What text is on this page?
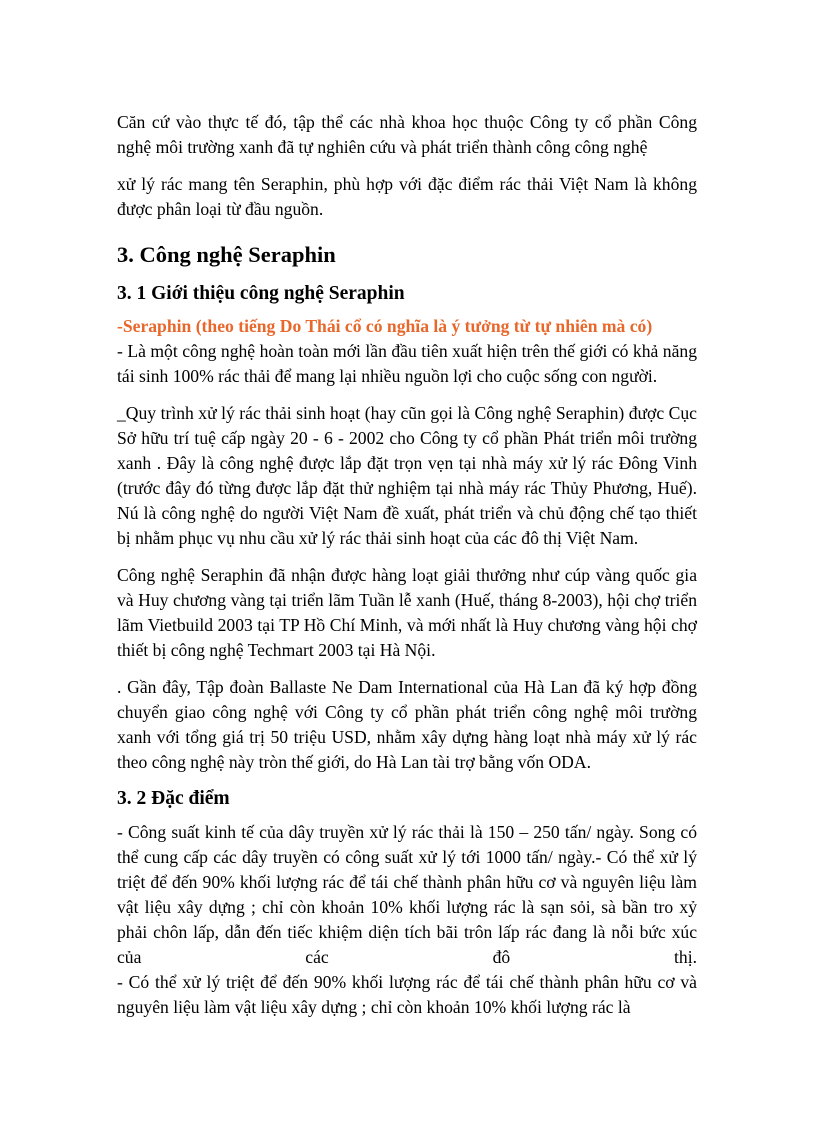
Căn cứ vào thực tế đó, tập thể các nhà khoa học thuộc Công ty cổ phần Công nghệ môi trường xanh đã tự nghiên cứu và phát triển thành công công nghệ

xử lý rác mang tên Seraphin, phù hợp với đặc điểm rác thải Việt Nam là không được phân loại từ đầu nguồn.

3. Công nghệ Seraphin
3. 1 Giới thiệu công nghệ Seraphin

-Seraphin (theo tiếng Do Thái cổ có nghĩa là ý tưởng từ tự nhiên mà có)

- Là một công nghệ hoàn toàn mới lần đầu tiên xuất hiện trên thế giới có khả năng tái sinh 100% rác thải để mang lại nhiều nguồn lợi cho cuộc sống con người.

_Quy trình xử lý rác thải sinh hoạt (hay cũn gọi là Công nghệ Seraphin) được Cục Sở hữu trí tuệ cấp ngày 20 - 6 - 2002 cho Công ty cổ phần Phát triển môi trường xanh . Đây là công nghệ được lắp đặt trọn vẹn tại nhà máy xử lý rác Đông Vinh (trước đây đó từng được lắp đặt thử nghiệm tại nhà máy rác Thủy Phương, Huế). Nú là công nghệ do người Việt Nam đề xuất, phát triển và chủ động chế tạo thiết bị nhằm phục vụ nhu cầu xử lý rác thải sinh hoạt của các đô thị Việt Nam.

Công nghệ Seraphin đã nhận được hàng loạt giải thưởng như cúp vàng quốc gia và Huy chương vàng tại triển lãm Tuần lễ xanh (Huế, tháng 8-2003), hội chợ triển lãm Vietbuild 2003 tại TP Hồ Chí Minh, và mới nhất là Huy chương vàng hội chợ thiết bị công nghệ Techmart 2003 tại Hà Nội.

. Gần đây, Tập đoàn Ballaste Ne Dam International của Hà Lan đã ký hợp đồng chuyển giao công nghệ với Công ty cổ phần phát triển công nghệ môi trường xanh với tổng giá trị 50 triệu USD, nhằm xây dựng hàng loạt nhà máy xử lý rác theo công nghệ này tròn thế giới, do Hà Lan tài trợ bằng vốn ODA.

3. 2 Đặc điểm

- Công suất kinh tế của dây truyền xử lý rác thải là 150 – 250 tấn/ ngày. Song có thể cung cấp các dây truyền có công suất xử lý tới 1000 tấn/ ngày.- Có thể xử lý triệt để đến 90% khối lượng rác để tái chế thành phân hữu cơ và nguyên liệu làm vật liệu xây dựng ; chỉ còn khoản 10% khối lượng rác là sạn sỏi, sà bần tro xỷ phải chôn lấp, dẫn đến tiếc khiệm diện tích bãi trôn lấp rác đang là nỗi bức xúc của các đô thị.

- Có thể xử lý triệt để đến 90% khối lượng rác để tái chế thành phân hữu cơ và nguyên liệu làm vật liệu xây dựng ; chỉ còn khoản 10% khối lượng rác là
